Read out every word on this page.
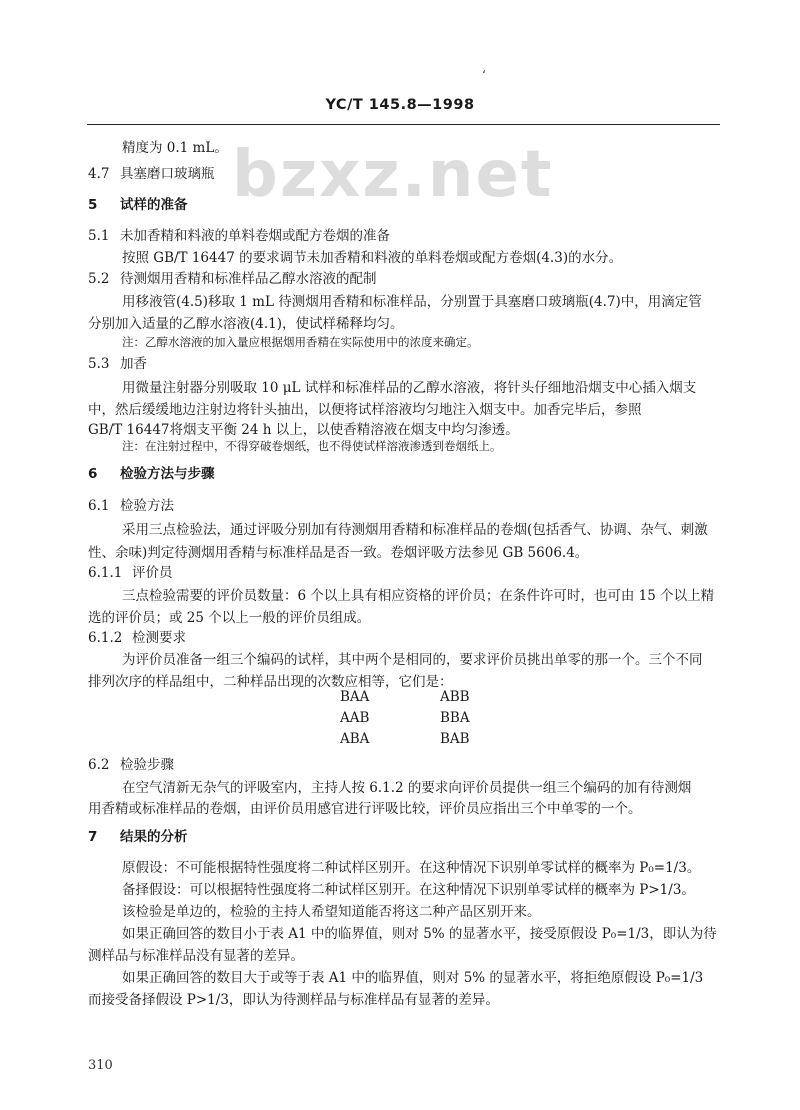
‘
YC/T 145.8—1998
bzxz.net
精度为 0.1 mL。
4.7 具塞磨口玻璃瓶
5 试样的准备
5.1 未加香精和料液的单料卷烟或配方卷烟的准备
按照 GB/T 16447 的要求调节未加香精和料液的单料卷烟或配方卷烟(4.3)的水分。
5.2 待测烟用香精和标准样品乙醇水溶液的配制
用移液管(4.5)移取 1 mL 待测烟用香精和标准样品，分别置于具塞磨口玻璃瓶(4.7)中，用滴定管
分别加入适量的乙醇水溶液(4.1)，使试样稀释均匀。
注：乙醇水溶液的加入量应根据烟用香精在实际使用中的浓度来确定。
5.3 加香
用微量注射器分别吸取 10 μL 试样和标准样品的乙醇水溶液，将针头仔细地沿烟支中心插入烟支
中，然后缓缓地边注射边将针头抽出，以便将试样溶液均匀地注入烟支中。加香完毕后，参照
GB/T 16447将烟支平衡 24 h 以上，以使香精溶液在烟支中均匀渗透。
注：在注射过程中，不得穿破卷烟纸，也不得使试样溶液渗透到卷烟纸上。
6 检验方法与步骤
6.1 检验方法
采用三点检验法，通过评吸分别加有待测烟用香精和标准样品的卷烟(包括香气、协调、杂气、刺激
性、余味)判定待测烟用香精与标准样品是否一致。卷烟评吸方法参见 GB 5606.4。
6.1.1 评价员
三点检验需要的评价员数量：6 个以上具有相应资格的评价员；在条件许可时，也可由 15 个以上精
选的评价员；或 25 个以上一般的评价员组成。
6.1.2 检测要求
为评价员准备一组三个编码的试样，其中两个是相同的，要求评价员挑出单零的那一个。三个不同
排列次序的样品组中，二种样品出现的次数应相等，它们是：
BAA	ABB
AAB	BBA
ABA	BAB
6.2 检验步骤
在空气清新无杂气的评吸室内，主持人按 6.1.2 的要求向评价员提供一组三个编码的加有待测烟
用香精或标准样品的卷烟，由评价员用感官进行评吸比较，评价员应指出三个中单零的一个。
7 结果的分析
原假设：不可能根据特性强度将二种试样区别开。在这种情况下识别单零试样的概率为 P₀=1/3。
备择假设：可以根据特性强度将二种试样区别开。在这种情况下识别单零试样的概率为 P>1/3。
该检验是单边的，检验的主持人希望知道能否将这二种产品区别开来。
如果正确回答的数目小于表 A1 中的临界值，则对 5% 的显著水平，接受原假设 P₀=1/3，即认为待
测样品与标准样品没有显著的差异。
如果正确回答的数目大于或等于表 A1 中的临界值，则对 5% 的显著水平，将拒绝原假设 P₀=1/3
而接受备择假设 P>1/3，即认为待测样品与标准样品有显著的差异。
310
